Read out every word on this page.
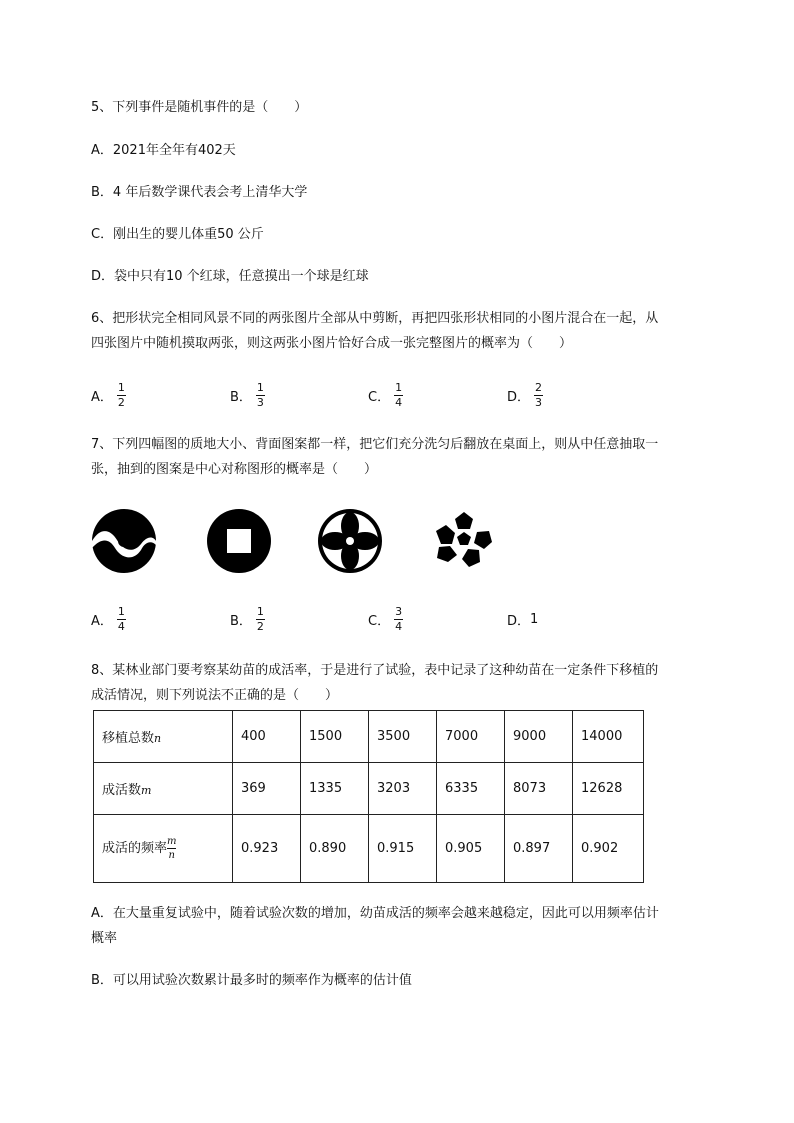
5、下列事件是随机事件的是（　　）
A．2021年全年有402天
B．4 年后数学课代表会考上清华大学
C．刚出生的婴儿体重50 公斤
D．袋中只有10 个红球，任意摸出一个球是红球
6、把形状完全相同风景不同的两张图片全部从中剪断，再把四张形状相同的小图片混合在一起，从
四张图片中随机摸取两张，则这两张小图片恰好合成一张完整图片的概率为（　　）
A． $\frac{1}{2}$	B． $\frac{1}{3}$	C． $\frac{1}{4}$	D． $\frac{2}{3}$
7、下列四幅图的质地大小、背面图案都一样，把它们充分洗匀后翻放在桌面上，则从中任意抽取一
张，抽到的图案是中心对称图形的概率是（　　）
A． $\frac{1}{4}$	B． $\frac{1}{2}$	C． $\frac{3}{4}$	D． 1
8、某林业部门要考察某幼苗的成活率，于是进行了试验，表中记录了这种幼苗在一定条件下移植的
成活情况，则下列说法不正确的是（　　）
移植总数n	400	1500	3500	7000	9000	14000
成活数m	369	1335	3203	6335	8073	12628
成活的频率 $\frac{m}{n}$	0.923	0.890	0.915	0.905	0.897	0.902
A．在大量重复试验中，随着试验次数的增加，幼苗成活的频率会越来越稳定，因此可以用频率估计
概率
B．可以用试验次数累计最多时的频率作为概率的估计值
